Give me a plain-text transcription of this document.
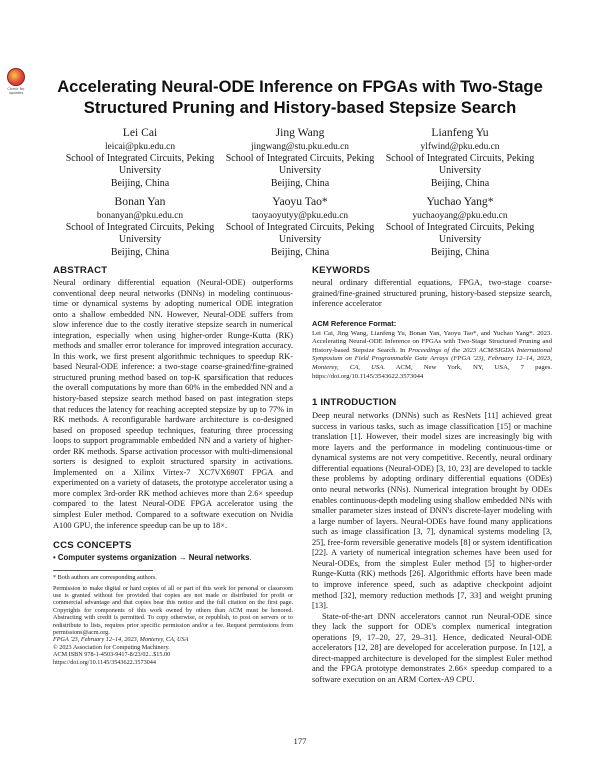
Check for
updates	Accelerating Neural-ODE Inference on FPGAs with Two-Stage
Structured Pruning and History-based Stepsize Search
Lei Cai
leicai@pku.edu.cn
School of Integrated Circuits, Peking
University
Beijing, China
Jing Wang
jingwang@stu.pku.edu.cn
School of Integrated Circuits, Peking
University
Beijing, China
Lianfeng Yu
ylfwind@pku.edu.cn
School of Integrated Circuits, Peking
University
Beijing, China
Bonan Yan
bonanyan@pku.edu.cn
School of Integrated Circuits, Peking
University
Beijing, China
Yaoyu Tao*
taoyaoyutyy@pku.edu.cn
School of Integrated Circuits, Peking
University
Beijing, China
Yuchao Yang*
yuchaoyang@pku.edu.cn
School of Integrated Circuits, Peking
University
Beijing, China
ABSTRACT

Neural ordinary differential equation (Neural-ODE) outperforms conventional deep neural networks (DNNs) in modeling continuous-time or dynamical systems by adopting numerical ODE integration onto a shallow embedded NN. However, Neural-ODE suffers from slow inference due to the costly iterative stepsize search in numerical integration, especially when using higher-order Runge-Kutta (RK) methods and smaller error tolerance for improved integration accuracy. In this work, we first present algorithmic techniques to speedup RK-based Neural-ODE inference: a two-stage coarse-grained/fine-grained structured pruning method based on top-K sparsification that reduces the overall computations by more than 60% in the embedded NN and a history-based stepsize search method based on past integration steps that reduces the latency for reaching accepted stepsize by up to 77% in RK methods. A reconfigurable hardware architecture is co-designed based on proposed speedup techniques, featuring three processing loops to support programmable embedded NN and a variety of higher-order RK methods. Sparse activation processor with multi-dimensional sorters is designed to exploit structured sparsity in activations. Implemented on a Xilinx Virtex-7 XC7VX690T FPGA and experimented on a variety of datasets, the prototype accelerator using a more complex 3rd-order RK method achieves more than 2.6× speedup compared to the latest Neural-ODE FPGA accelerator using the simplest Euler method. Compared to a software execution on Nvidia A100 GPU, the inference speedup can be up to 18×.

CCS CONCEPTS
• Computer systems organization → Neural networks.
* Both authors are corresponding authors.
Permission to make digital or hard copies of all or part of this work for personal or classroom use is granted without fee provided that copies are not made or distributed for profit or commercial advantage and that copies bear this notice and the full citation on the first page. Copyrights for components of this work owned by others than ACM must be honored. Abstracting with credit is permitted. To copy otherwise, or republish, to post on servers or to redistribute to lists, requires prior specific permission and/or a fee. Request permissions from permissions@acm.org.
FPGA '23, February 12–14, 2023, Monterey, CA, USA
© 2023 Association for Computing Machinery.
ACM ISBN 978-1-4503-9417-8/23/02...$15.00
https://doi.org/10.1145/3543622.3573044
KEYWORDS

neural ordinary differential equations, FPGA, two-stage coarse-grained/fine-grained structured pruning, history-based stepsize search, inference accelerator

ACM Reference Format:

Lei Cai, Jing Wang, Lianfeng Yu, Bonan Yan, Yaoyu Tao*, and Yuchao Yang*. 2023. Accelerating Neural-ODE Inference on FPGAs with Two-Stage Structured Pruning and History-based Stepsize Search. In Proceedings of the 2023 ACM/SIGDA International Symposium on Field Programmable Gate Arrays (FPGA '23), February 12–14, 2023, Monterey, CA, USA. ACM, New York, NY, USA, 7 pages. https://doi.org/10.1145/3543622.3573044

1 INTRODUCTION

Deep neural networks (DNNs) such as ResNets [11] achieved great success in various tasks, such as image classification [15] or machine translation [1]. However, their model sizes are increasingly big with more layers and the performance in modeling continuous-time or dynamical systems are not very competitive. Recently, neural ordinary differential equations (Neural-ODE) [3, 10, 23] are developed to tackle these problems by adopting ordinary differential equations (ODEs) onto neural networks (NNs). Numerical integration brought by ODEs enables continuous-depth modeling using shallow embedded NNs with smaller parameter sizes instead of DNN's discrete-layer modeling with a large number of layers. Neural-ODEs have found many applications such as image classification [3, 7], dynamical systems modeling [3, 25], free-form reversible generative models [8] or system identification [22]. A variety of numerical integration schemes have been used for Neural-ODEs, from the simplest Euler method [5] to higher-order Runge-Kutta (RK) methods [26]. Algorithmic efforts have been made to improve inference speed, such as adaptive checkpoint adjoint method [32], memory reduction methods [7, 33] and weight pruning [13].

State-of-the-art DNN accelerators cannot run Neural-ODE since they lack the support for ODE's complex numerical integration operations [9, 17–20, 27, 29–31]. Hence, dedicated Neural-ODE accelerators [12, 28] are developed for acceleration purpose. In [12], a direct-mapped architecture is developed for the simplest Euler method and the FPGA prototype demonstrates 2.66× speedup compared to a software execution on an ARM Cortex-A9 CPU.

177
